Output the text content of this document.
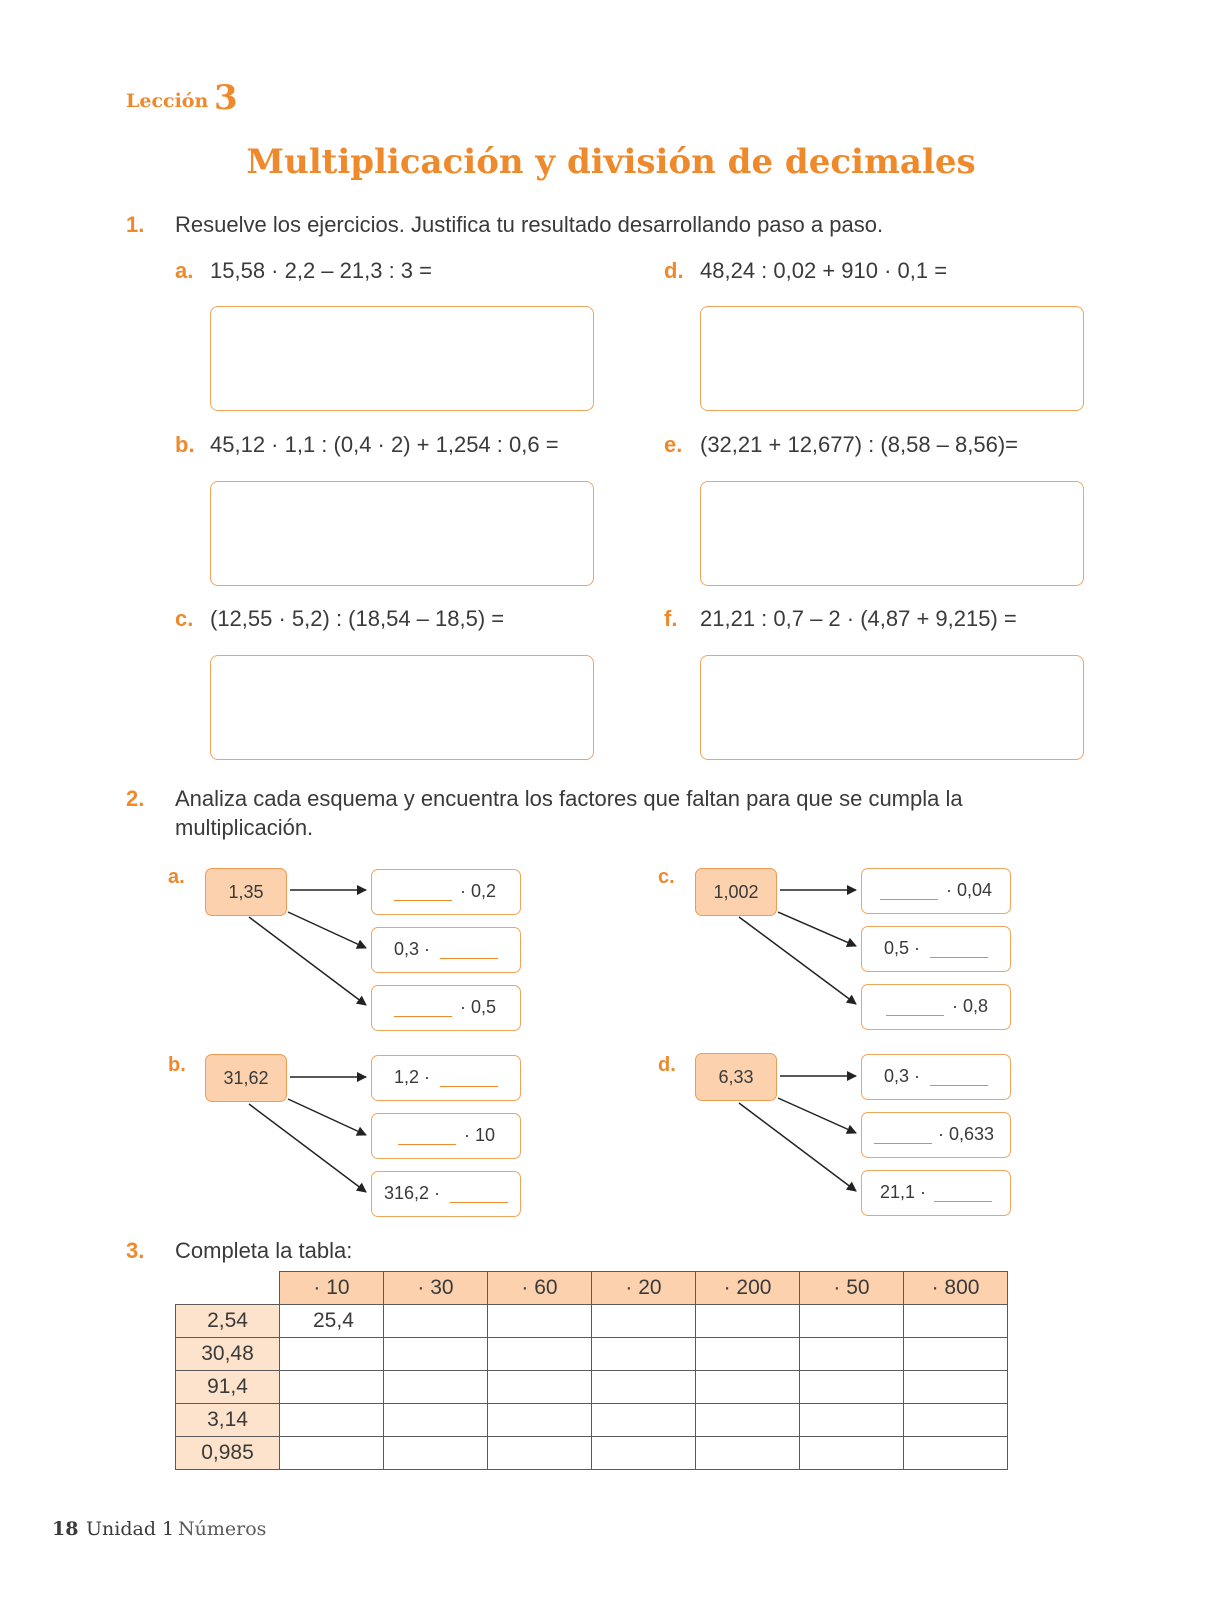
Lección 3
Multiplicación y división de decimales
1. Resuelve los ejercicios. Justifica tu resultado desarrollando paso a paso.
a. 15,58 · 2,2 – 21,3 : 3 =
b. 45,12 · 1,1 : (0,4 · 2) + 1,254 : 0,6 =
c. (12,55 · 5,2) : (18,54 – 18,5) =
d. 48,24 : 0,02 + 910 · 0,1 =
e. (32,21 + 12,677) : (8,58 – 8,56)=
f. 21,21 : 0,7 – 2 · (4,87 + 9,215) =
2. Analiza cada esquema y encuentra los factores que faltan para que se cumpla la
multiplicación.
a.
1,35	· 0,2
0,3 ·
· 0,5
b.
31,62	1,2 ·
· 10
316,2 ·
c.
1,002	· 0,04
0,5 ·
· 0,8
d.
6,33	0,3 ·
· 0,633
21,1 ·
3. Completa la tabla:
	· 10	· 30	· 60	· 20	· 200	· 50	· 800
2,54	25,4						
30,48							
91,4							
3,14							
0,985							
18 Unidad 1 Números
